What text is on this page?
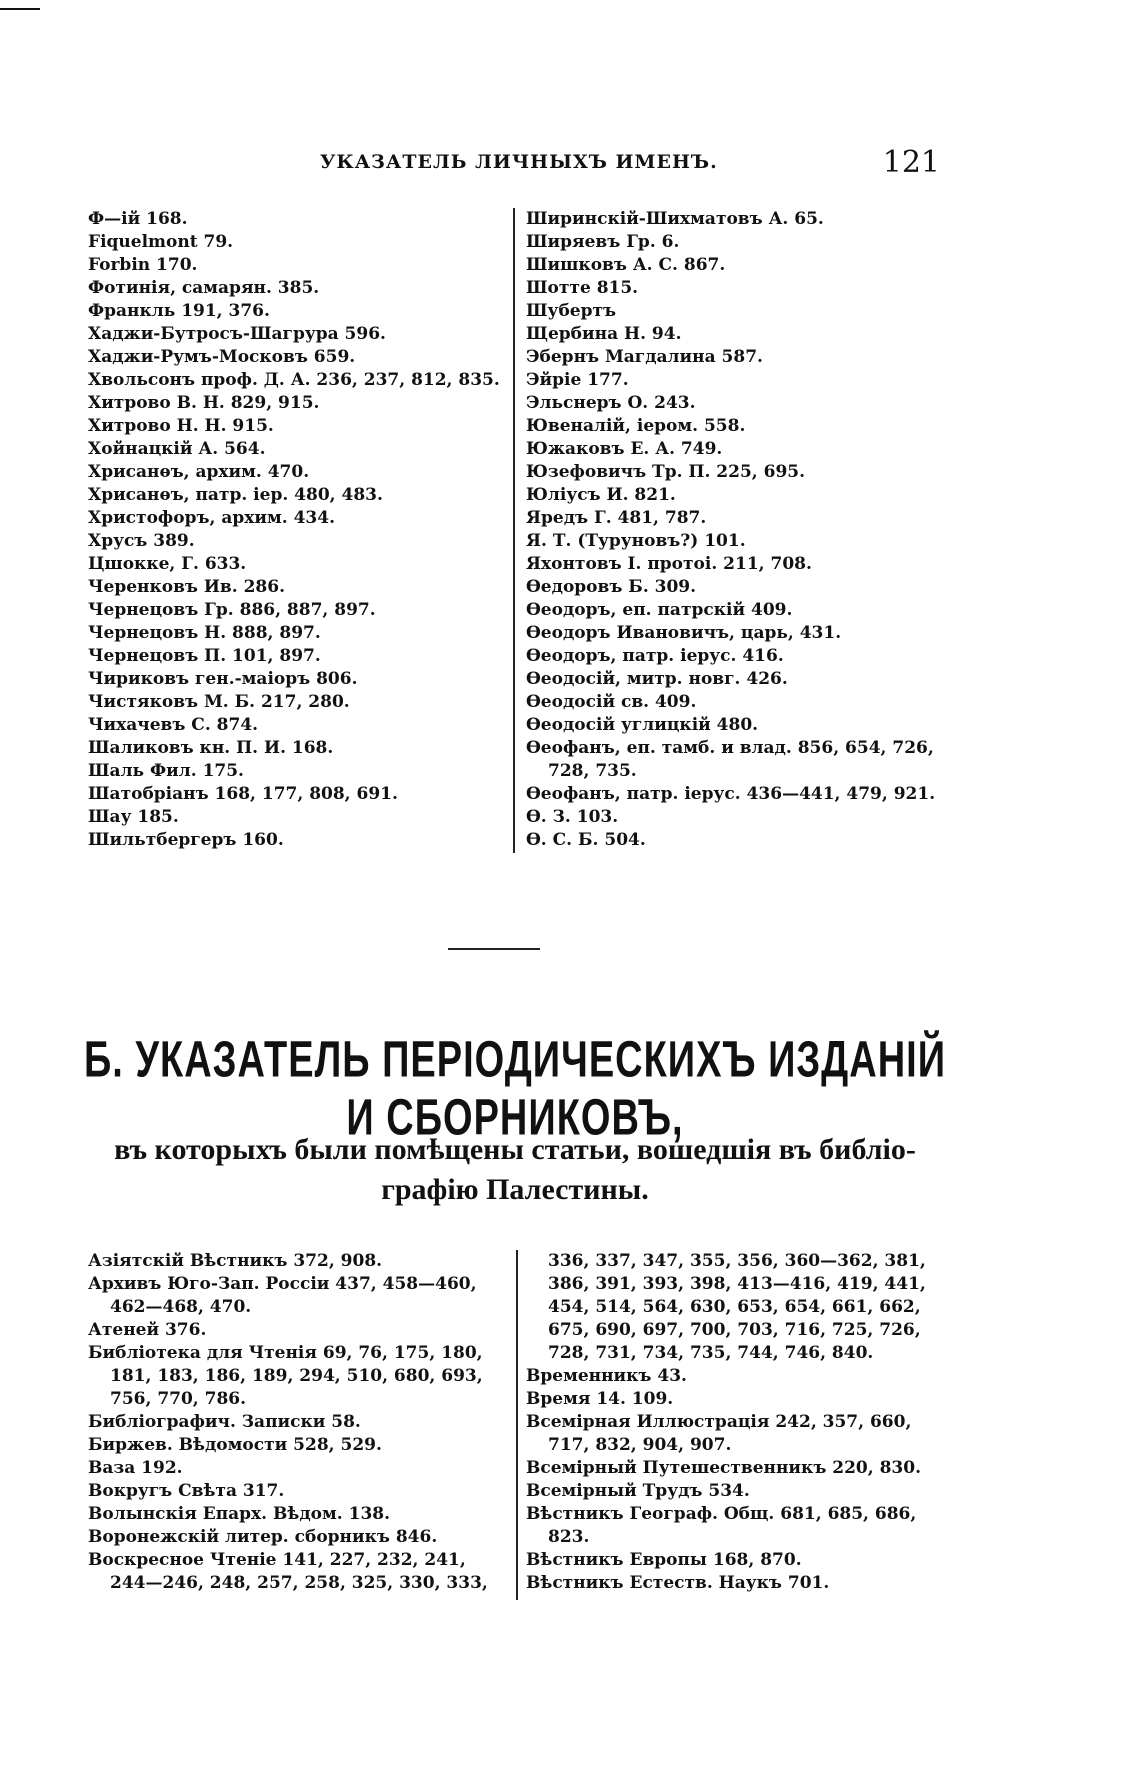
УКАЗАТЕЛЬ ЛИЧНЫХЪ ИМЕНЪ.	121
Ф—ій 168.
Fiquelmont 79.
Forbin 170.
Фотинія, самарян. 385.
Франкль 191, 376.
Хаджи-Бутросъ-Шагрура 596.
Хаджи-Румъ-Московъ 659.
Хвольсонъ проф. Д. А. 236, 237, 812, 835.
Хитрово В. Н. 829, 915.
Хитрово Н. Н. 915.
Хойнацкій А. 564.
Хрисанѳъ, архим. 470.
Хрисанѳъ, патр. іер. 480, 483.
Христофоръ, архим. 434.
Хрусъ 389.
Цшокке, Г. 633.
Черенковъ Ив. 286.
Чернецовъ Гр. 886, 887, 897.
Чернецовъ Н. 888, 897.
Чернецовъ П. 101, 897.
Чириковъ ген.-маіоръ 806.
Чистяковъ М. Б. 217, 280.
Чихачевъ С. 874.
Шаликовъ кн. П. И. 168.
Шаль Фил. 175.
Шатобріанъ 168, 177, 808, 691.
Шау 185.
Шильтбергеръ 160.
Ширинскій-Шихматовъ А. 65.
Ширяевъ Гр. 6.
Шишковъ А. С. 867.
Шотте 815.
Шубертъ
Щербина Н. 94.
Эбернъ Магдалина 587.
Эйріе 177.
Эльснеръ О. 243.
Ювеналій, іером. 558.
Южаковъ Е. А. 749.
Юзефовичъ Тр. П. 225, 695.
Юліусъ И. 821.
Яредъ Г. 481, 787.
Я. Т. (Туруновъ?) 101.
Яхонтовъ І. протоі. 211, 708.
Ѳедоровъ Б. 309.
Ѳеодоръ, еп. патрскій 409.
Ѳеодоръ Ивановичъ, царь, 431.
Ѳеодоръ, патр. іерус. 416.
Ѳеодосій, митр. новг. 426.
Ѳеодосій св. 409.
Ѳеодосій углицкій 480.
Ѳеофанъ, еп. тамб. и влад. 856, 654, 726,
728, 735.
Ѳеофанъ, патр. іерус. 436—441, 479, 921.
Ѳ. З. 103.
Ѳ. С. Б. 504.
Б. УКАЗАТЕЛЬ ПЕРІОДИЧЕСКИХЪ ИЗДАНІЙ И СБОРНИКОВЪ,
въ которыхъ были помѣщены статьи, вошедшія въ библіо-
графію Палестины.
Азіятскій Вѣстникъ 372, 908.
Архивъ Юго-Зап. Россіи 437, 458—460,
462—468, 470.
Атеней 376.
Библіотека для Чтенія 69, 76, 175, 180,
181, 183, 186, 189, 294, 510, 680, 693,
756, 770, 786.
Библіографич. Записки 58.
Биржев. Вѣдомости 528, 529.
Ваза 192.
Вокругъ Свѣта 317.
Волынскія Епарх. Вѣдом. 138.
Воронежскій литер. сборникъ 846.
Воскресное Чтеніе 141, 227, 232, 241,
244—246, 248, 257, 258, 325, 330, 333,
336, 337, 347, 355, 356, 360—362, 381,
386, 391, 393, 398, 413—416, 419, 441,
454, 514, 564, 630, 653, 654, 661, 662,
675, 690, 697, 700, 703, 716, 725, 726,
728, 731, 734, 735, 744, 746, 840.
Временникъ 43.
Время 14. 109.
Всемірная Иллюстрація 242, 357, 660,
717, 832, 904, 907.
Всемірный Путешественникъ 220, 830.
Всемірный Трудъ 534.
Вѣстникъ Географ. Общ. 681, 685, 686,
823.
Вѣстникъ Европы 168, 870.
Вѣстникъ Естеств. Наукъ 701.
